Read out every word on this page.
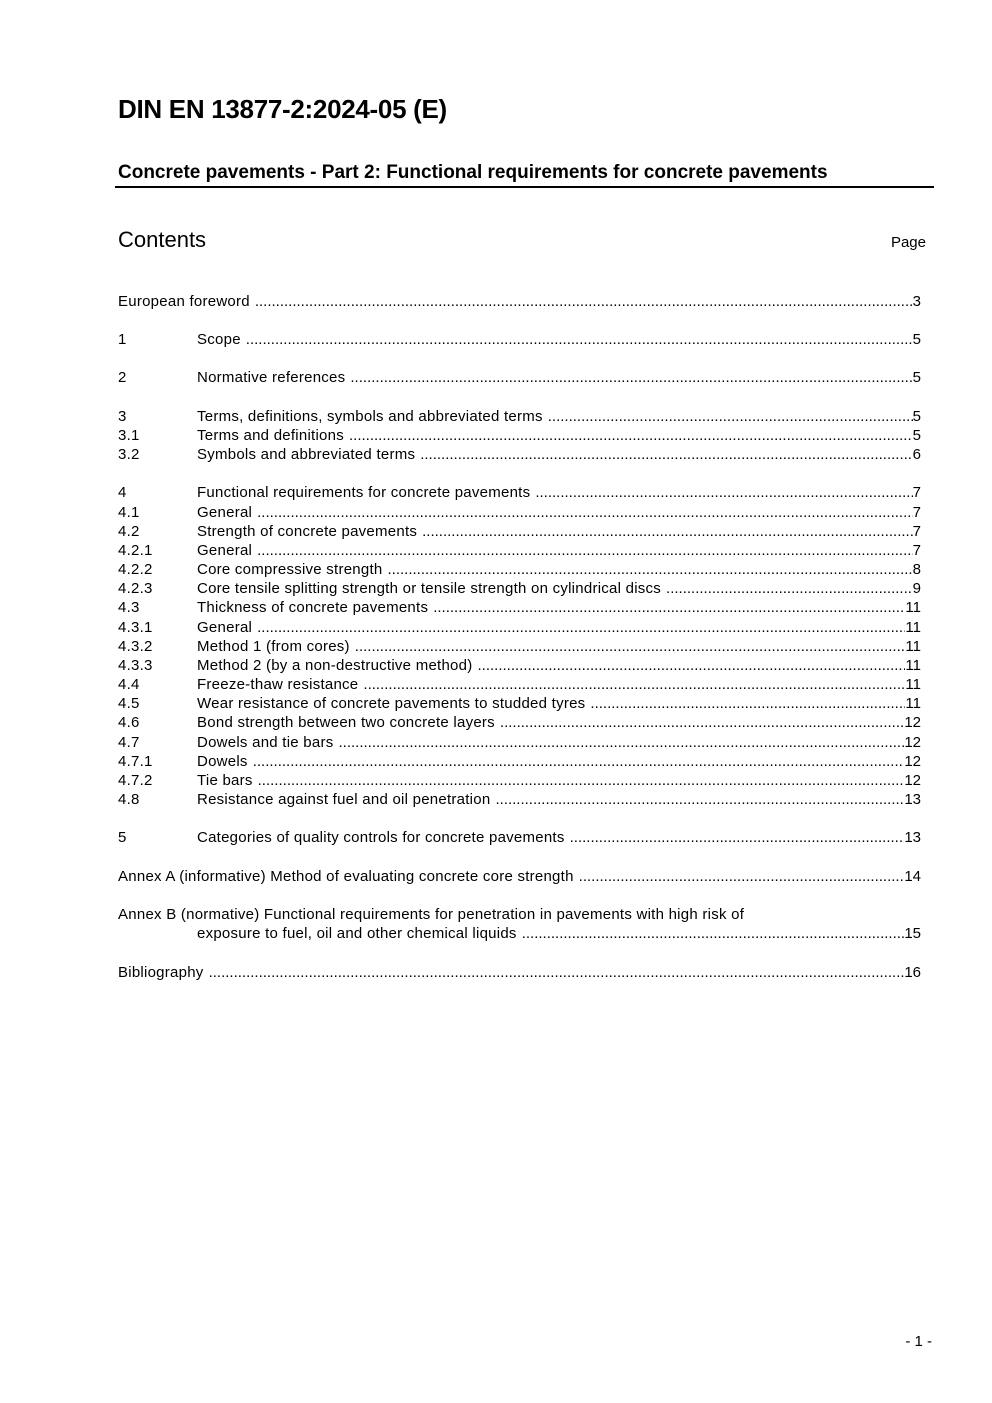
DIN EN 13877-2:2024-05 (E)
Concrete pavements - Part 2: Functional requirements for concrete pavements
Contents	Page
European foreword .....	3
1	Scope .....	5
2	Normative references .....	5
3	Terms, definitions, symbols and abbreviated terms .....	5
3.1	Terms and definitions .....	5
3.2	Symbols and abbreviated terms .....	6
4	Functional requirements for concrete pavements .....	7
4.1	General .....	7
4.2	Strength of concrete pavements .....	7
4.2.1	General .....	7
4.2.2	Core compressive strength .....	8
4.2.3	Core tensile splitting strength or tensile strength on cylindrical discs .....	9
4.3	Thickness of concrete pavements .....	11
4.3.1	General .....	11
4.3.2	Method 1 (from cores) .....	11
4.3.3	Method 2 (by a non-destructive method) .....	11
4.4	Freeze-thaw resistance .....	11
4.5	Wear resistance of concrete pavements to studded tyres .....	11
4.6	Bond strength between two concrete layers .....	12
4.7	Dowels and tie bars .....	12
4.7.1	Dowels .....	12
4.7.2	Tie bars .....	12
4.8	Resistance against fuel and oil penetration .....	13
5	Categories of quality controls for concrete pavements .....	13
Annex A (informative) Method of evaluating concrete core strength .....	14
Annex B (normative) Functional requirements for penetration in pavements with high risk of
exposure to fuel, oil and other chemical liquids .....	15
Bibliography .....	16
- 1 -
